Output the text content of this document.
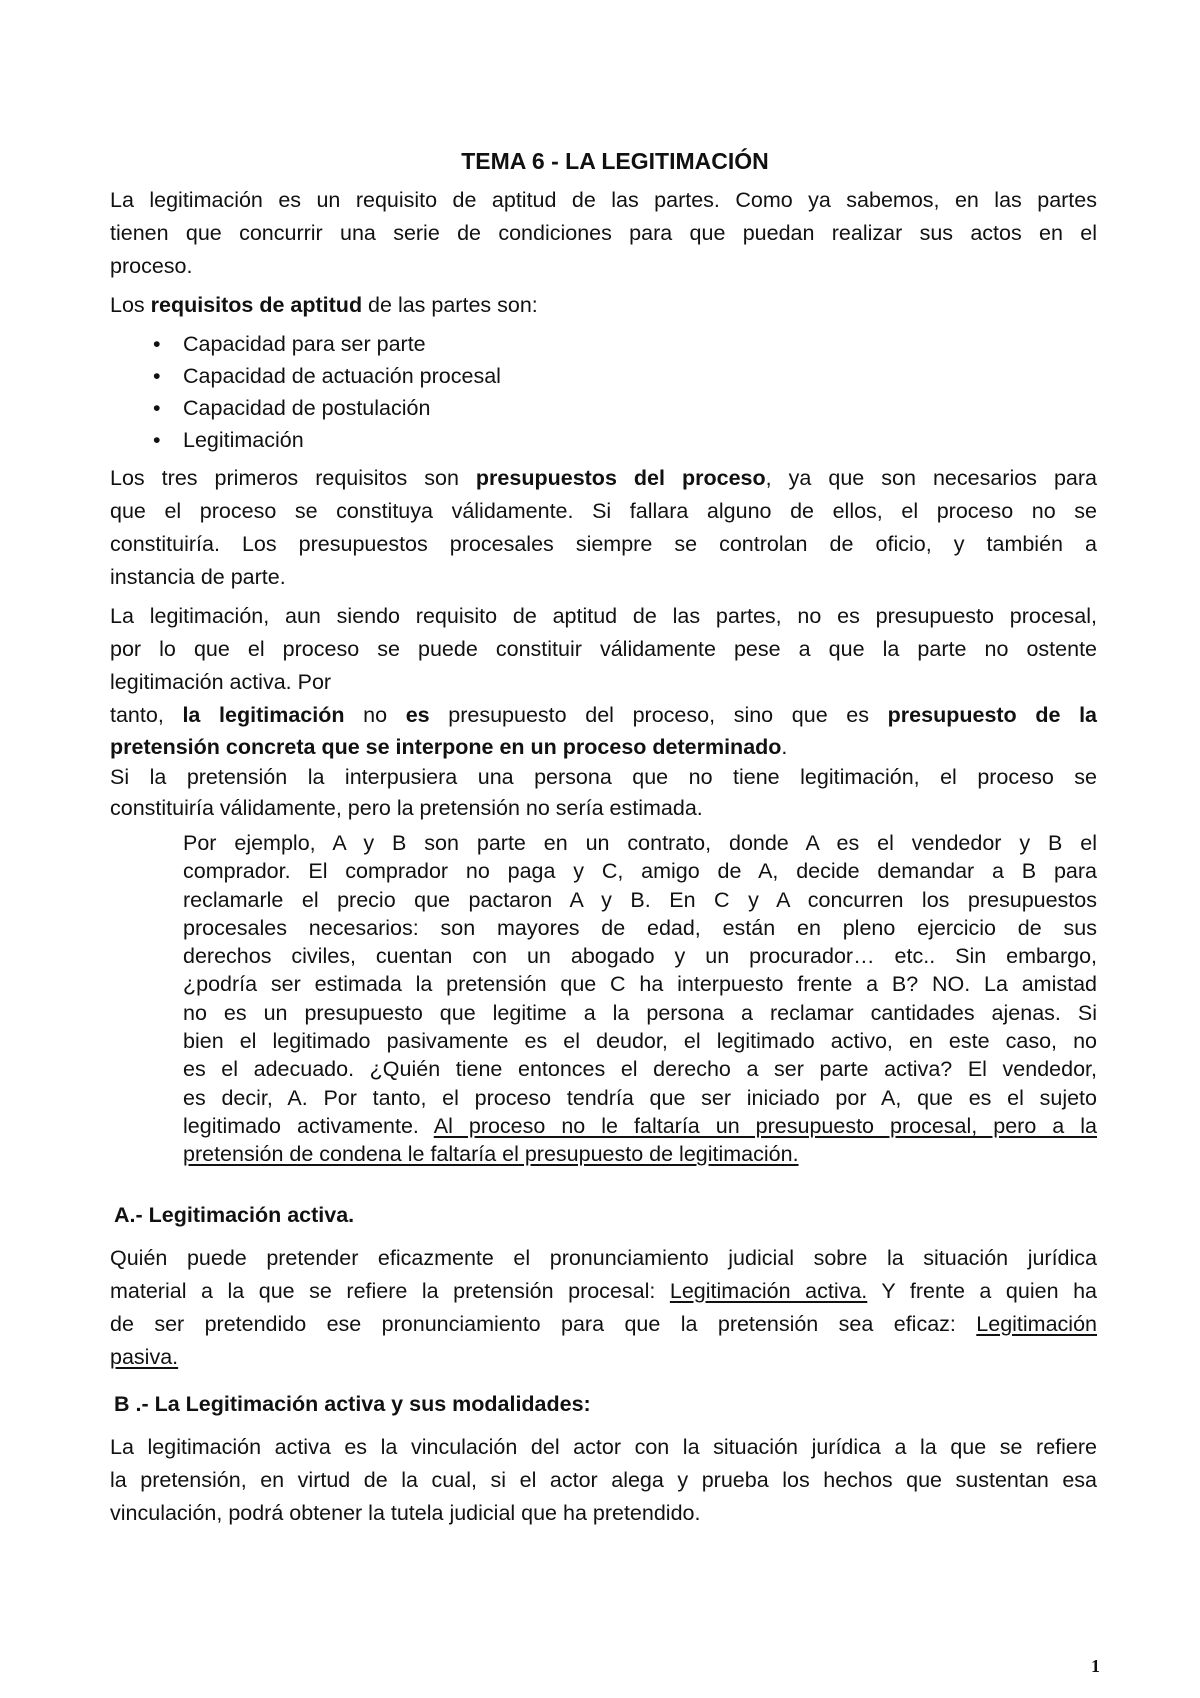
TEMA 6 - LA LEGITIMACIÓN

La legitimación es un requisito de aptitud de las partes. Como ya sabemos, en las partes

tienen que concurrir una serie de condiciones para que puedan realizar sus actos en el

proceso.

Los requisitos de aptitud de las partes son:

• Capacidad para ser parte
• Capacidad de actuación procesal
• Capacidad de postulación
• Legitimación

Los tres primeros requisitos son presupuestos del proceso, ya que son necesarios para

que el proceso se constituya válidamente. Si fallara alguno de ellos, el proceso no se

constituiría. Los presupuestos procesales siempre se controlan de oficio, y también a

instancia de parte.

La legitimación, aun siendo requisito de aptitud de las partes, no es presupuesto procesal,

por lo que el proceso se puede constituir válidamente pese a que la parte no ostente

legitimación activa. Por

tanto, la legitimación no es presupuesto del proceso, sino que es presupuesto de la

pretensión concreta que se interpone en un proceso determinado.

Si la pretensión la interpusiera una persona que no tiene legitimación, el proceso se

constituiría válidamente, pero la pretensión no sería estimada.

Por ejemplo, A y B son parte en un contrato, donde A es el vendedor y B el

comprador. El comprador no paga y C, amigo de A, decide demandar a B para

reclamarle el precio que pactaron A y B. En C y A concurren los presupuestos

procesales necesarios: son mayores de edad, están en pleno ejercicio de sus

derechos civiles, cuentan con un abogado y un procurador… etc.. Sin embargo,

¿podría ser estimada la pretensión que C ha interpuesto frente a B? NO. La amistad

no es un presupuesto que legitime a la persona a reclamar cantidades ajenas. Si

bien el legitimado pasivamente es el deudor, el legitimado activo, en este caso, no

es el adecuado. ¿Quién tiene entonces el derecho a ser parte activa? El vendedor,

es decir, A. Por tanto, el proceso tendría que ser iniciado por A, que es el sujeto

legitimado activamente. Al proceso no le faltaría un presupuesto procesal, pero a la

pretensión de condena le faltaría el presupuesto de legitimación.

A.- Legitimación activa.

Quién puede pretender eficazmente el pronunciamiento judicial sobre la situación jurídica

material a la que se refiere la pretensión procesal: Legitimación activa. Y frente a quien ha

de ser pretendido ese pronunciamiento para que la pretensión sea eficaz: Legitimación

pasiva.

B .- La Legitimación activa y sus modalidades:

La legitimación activa es la vinculación del actor con la situación jurídica a la que se refiere

la pretensión, en virtud de la cual, si el actor alega y prueba los hechos que sustentan esa

vinculación, podrá obtener la tutela judicial que ha pretendido.

1
